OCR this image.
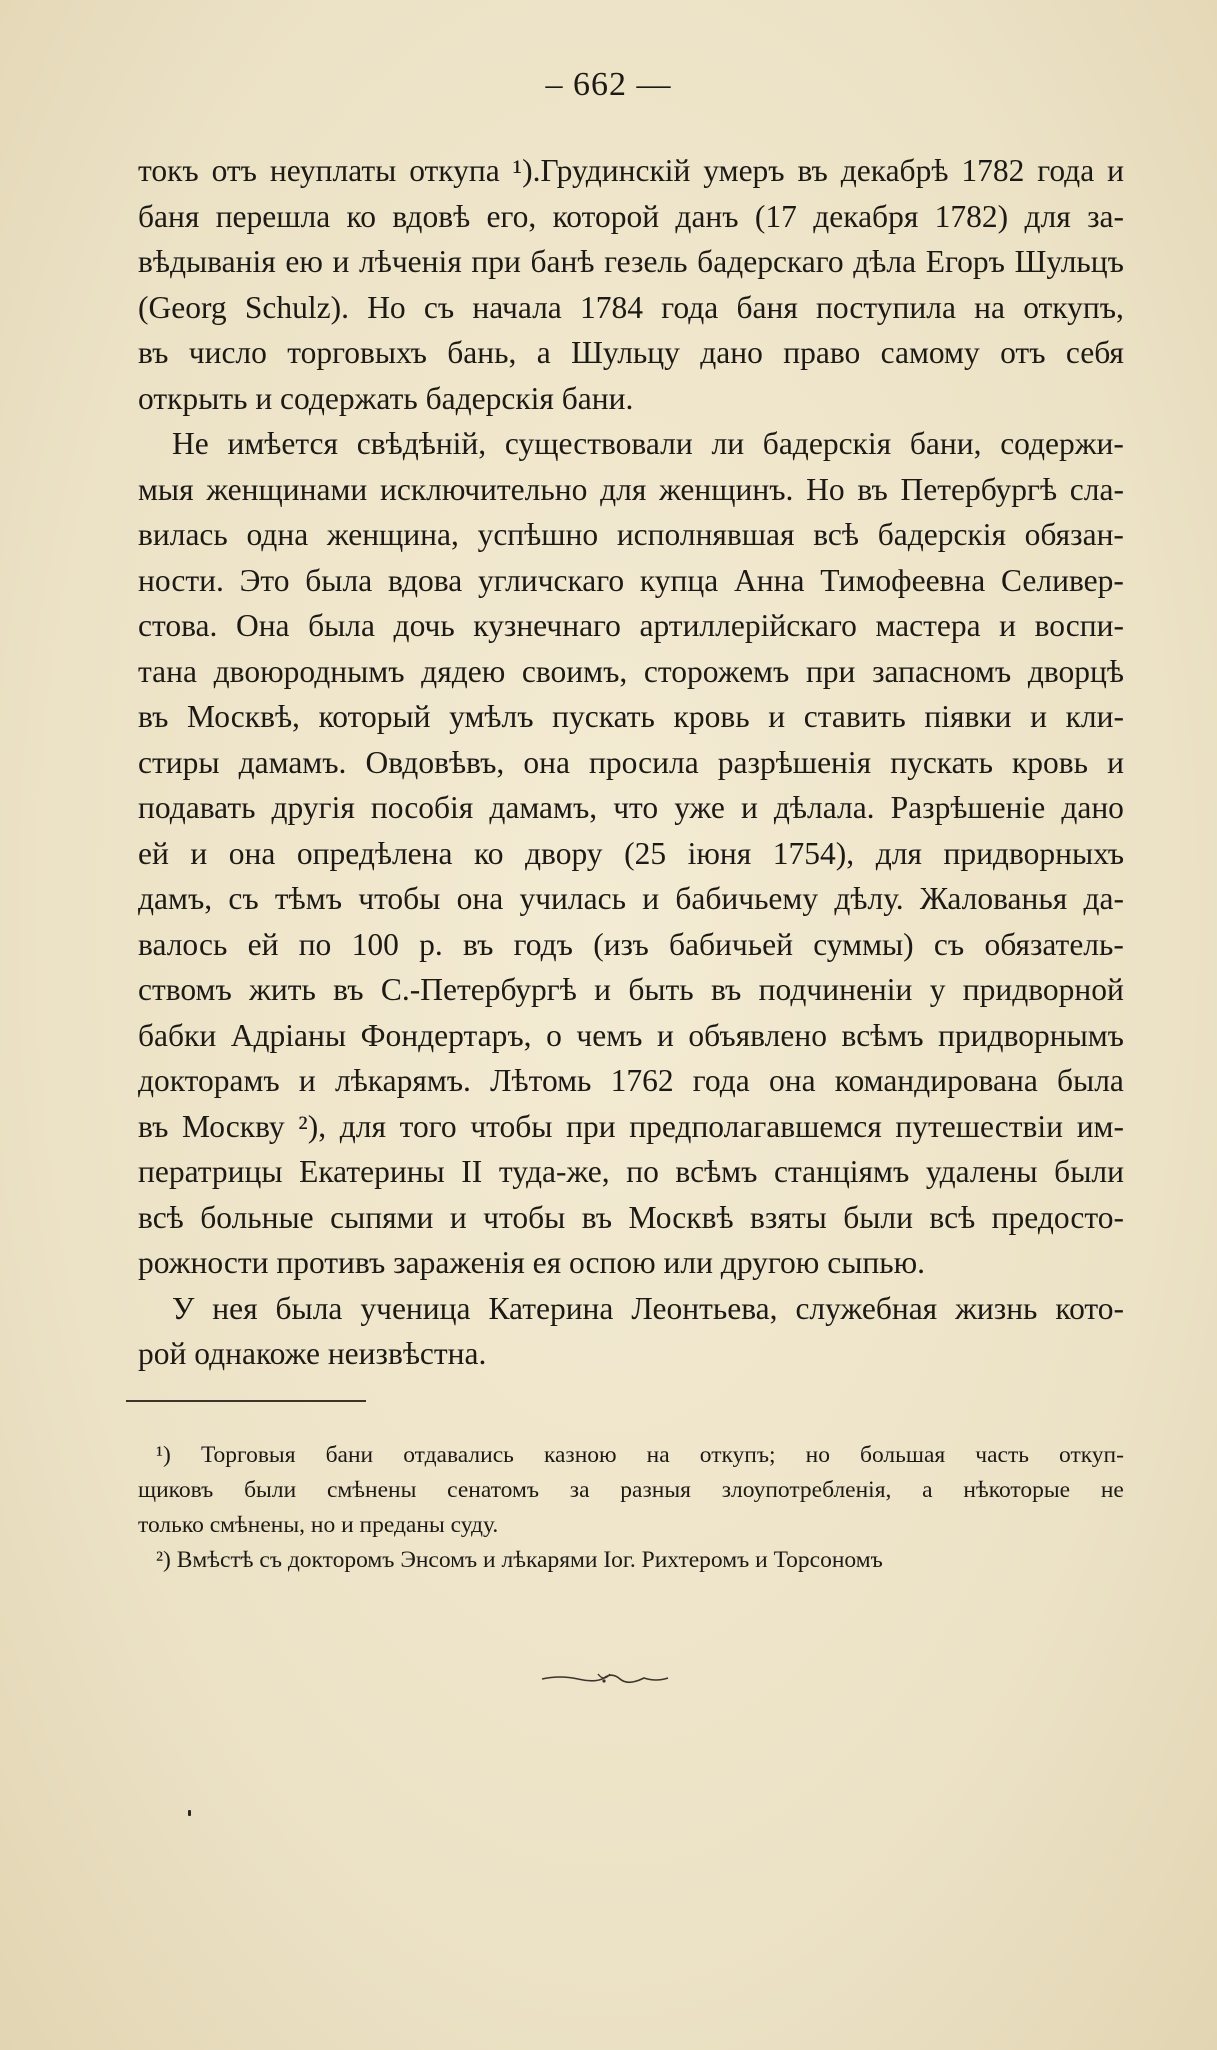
– 662 —
токъ отъ неуплаты откупа ¹).Грудинскій умеръ въ декабрѣ 1782 года и
баня перешла ко вдовѣ его, которой данъ (17 декабря 1782) для за-
вѣдыванія ею и лѣченія при банѣ гезель бадерскаго дѣла Егоръ Шульцъ
(Georg Schulz). Но съ начала 1784 года баня поступила на откупъ,
въ число торговыхъ бань, а Шульцу дано право самому отъ себя
открыть и содержать бадерскія бани.
Не имѣется свѣдѣній, существовали ли бадерскія бани, содержи-
мыя женщинами исключительно для женщинъ. Но въ Петербургѣ сла-
вилась одна женщина, успѣшно исполнявшая всѣ бадерскія обязан-
ности. Это была вдова угличскаго купца Анна Тимофеевна Селивер-
стова. Она была дочь кузнечнаго артиллерійскаго мастера и воспи-
тана двоюроднымъ дядею своимъ, сторожемъ при запасномъ дворцѣ
въ Москвѣ, который умѣлъ пускать кровь и ставить піявки и кли-
стиры дамамъ. Овдовѣвъ, она просила разрѣшенія пускать кровь и
подавать другія пособія дамамъ, что уже и дѣлала. Разрѣшеніе дано
ей и она опредѣлена ко двору (25 іюня 1754), для придворныхъ
дамъ, съ тѣмъ чтобы она училась и бабичьему дѣлу. Жалованья да-
валось ей по 100 р. въ годъ (изъ бабичьей суммы) съ обязатель-
ствомъ жить въ С.-Петербургѣ и быть въ подчиненіи у придворной
бабки Адріаны Фондертаръ, о чемъ и объявлено всѣмъ придворнымъ
докторамъ и лѣкарямъ. Лѣтомь 1762 года она командирована была
въ Москву ²), для того чтобы при предполагавшемся путешествіи им-
ператрицы Екатерины II туда-же, по всѣмъ станціямъ удалены были
всѣ больные сыпями и чтобы въ Москвѣ взяты были всѣ предосто-
рожности противъ зараженія ея оспою или другою сыпью.
У нея была ученица Катерина Леонтьева, служебная жизнь кото-
рой однакоже неизвѣстна.
¹) Торговыя бани отдавались казною на откупъ; но большая часть откуп-
щиковъ были смѣнены сенатомъ за разныя злоупотребленія, а нѣкоторые не
только смѣнены, но и преданы суду.
²) Вмѣстѣ съ докторомъ Энсомъ и лѣкарями Іог. Рихтеромъ и Торсономъ
